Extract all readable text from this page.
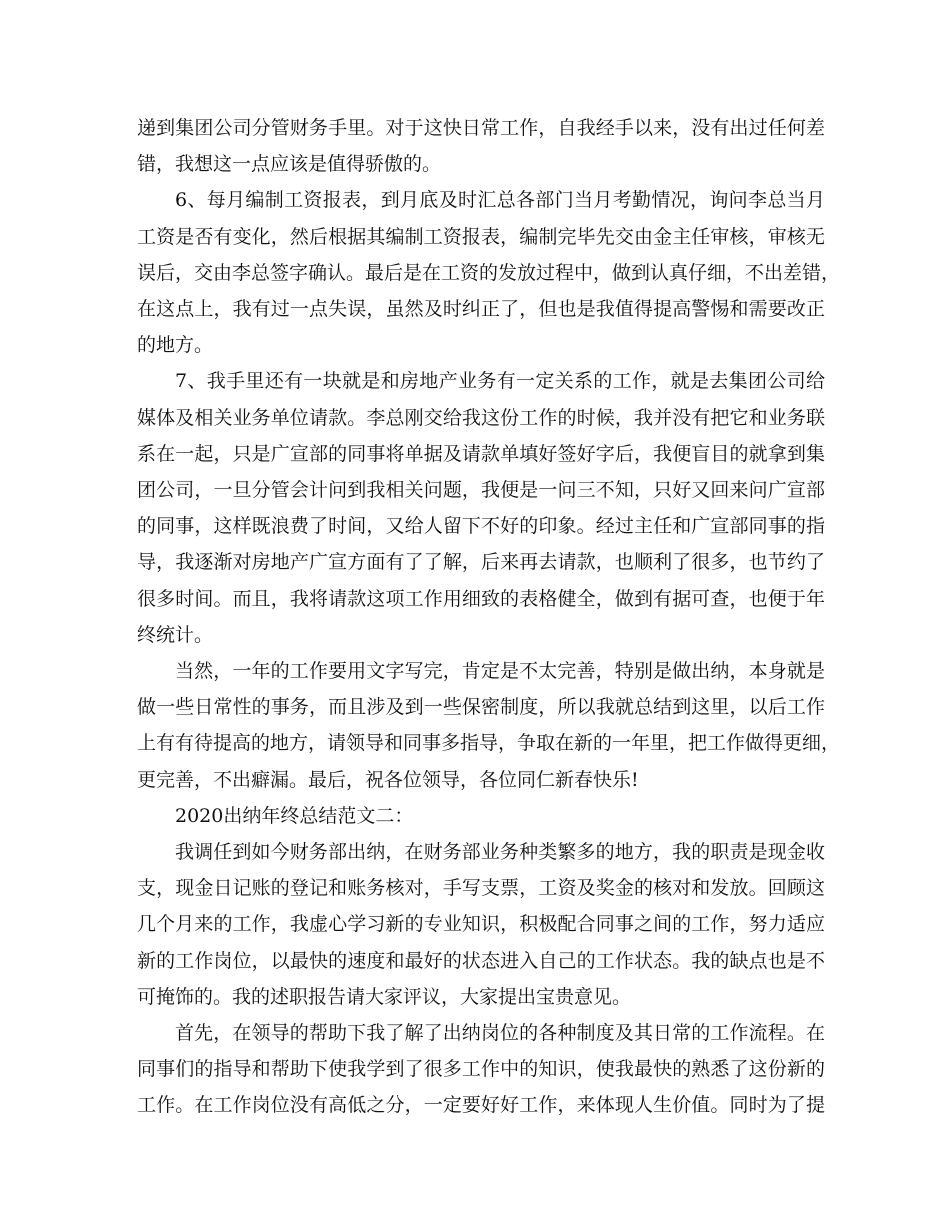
递到集团公司分管财务手里。对于这快日常工作，自我经手以来，没有出过任何差
错，我想这一点应该是值得骄傲的。

6、每月编制工资报表，到月底及时汇总各部门当月考勤情况，询问李总当月
工资是否有变化，然后根据其编制工资报表，编制完毕先交由金主任审核，审核无
误后，交由李总签字确认。最后是在工资的发放过程中，做到认真仔细，不出差错，
在这点上，我有过一点失误，虽然及时纠正了，但也是我值得提高警惕和需要改正
的地方。

7、我手里还有一块就是和房地产业务有一定关系的工作，就是去集团公司给
媒体及相关业务单位请款。李总刚交给我这份工作的时候，我并没有把它和业务联
系在一起，只是广宣部的同事将单据及请款单填好签好字后，我便盲目的就拿到集
团公司，一旦分管会计问到我相关问题，我便是一问三不知，只好又回来问广宣部
的同事，这样既浪费了时间，又给人留下不好的印象。经过主任和广宣部同事的指
导，我逐渐对房地产广宣方面有了了解，后来再去请款，也顺利了很多，也节约了
很多时间。而且，我将请款这项工作用细致的表格健全，做到有据可查，也便于年
终统计。

当然，一年的工作要用文字写完，肯定是不太完善，特别是做出纳，本身就是
做一些日常性的事务，而且涉及到一些保密制度，所以我就总结到这里，以后工作
上有有待提高的地方，请领导和同事多指导，争取在新的一年里，把工作做得更细，
更完善，不出癖漏。最后，祝各位领导，各位同仁新春快乐!

2020出纳年终总结范文二：

我调任到如今财务部出纳，在财务部业务种类繁多的地方，我的职责是现金收
支，现金日记账的登记和账务核对，手写支票，工资及奖金的核对和发放。回顾这
几个月来的工作，我虚心学习新的专业知识，积极配合同事之间的工作，努力适应
新的工作岗位，以最快的速度和最好的状态进入自己的工作状态。我的缺点也是不
可掩饰的。我的述职报告请大家评议，大家提出宝贵意见。

首先，在领导的帮助下我了解了出纳岗位的各种制度及其日常的工作流程。在
同事们的指导和帮助下使我学到了很多工作中的知识，使我最快的熟悉了这份新的
工作。在工作岗位没有高低之分，一定要好好工作，来体现人生价值。同时为了提
